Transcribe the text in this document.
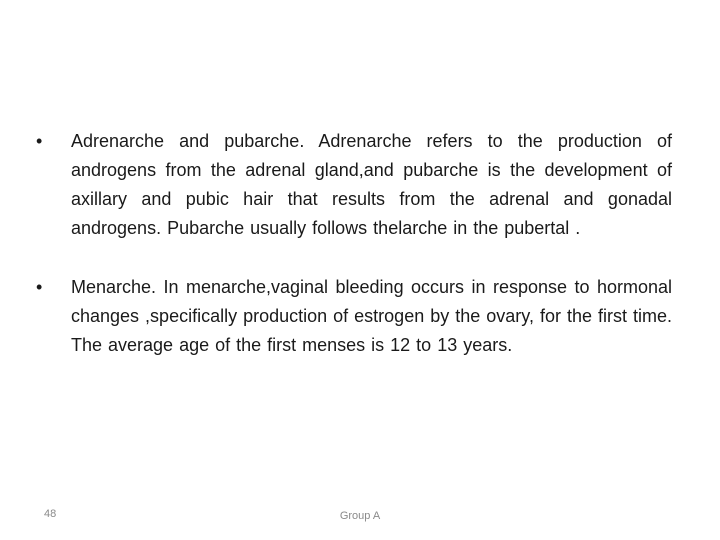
•	Adrenarche and pubarche. Adrenarche refers to the production of androgens from the adrenal gland,and pubarche is the development of axillary and pubic hair that results from the adrenal and gonadal androgens. Pubarche usually follows thelarche in the pubertal .
•	Menarche. In menarche,vaginal bleeding occurs in response to hormonal changes ,specifically production of estrogen by the ovary, for the first time. The average age of the first menses is 12 to 13 years.
48	Group A
